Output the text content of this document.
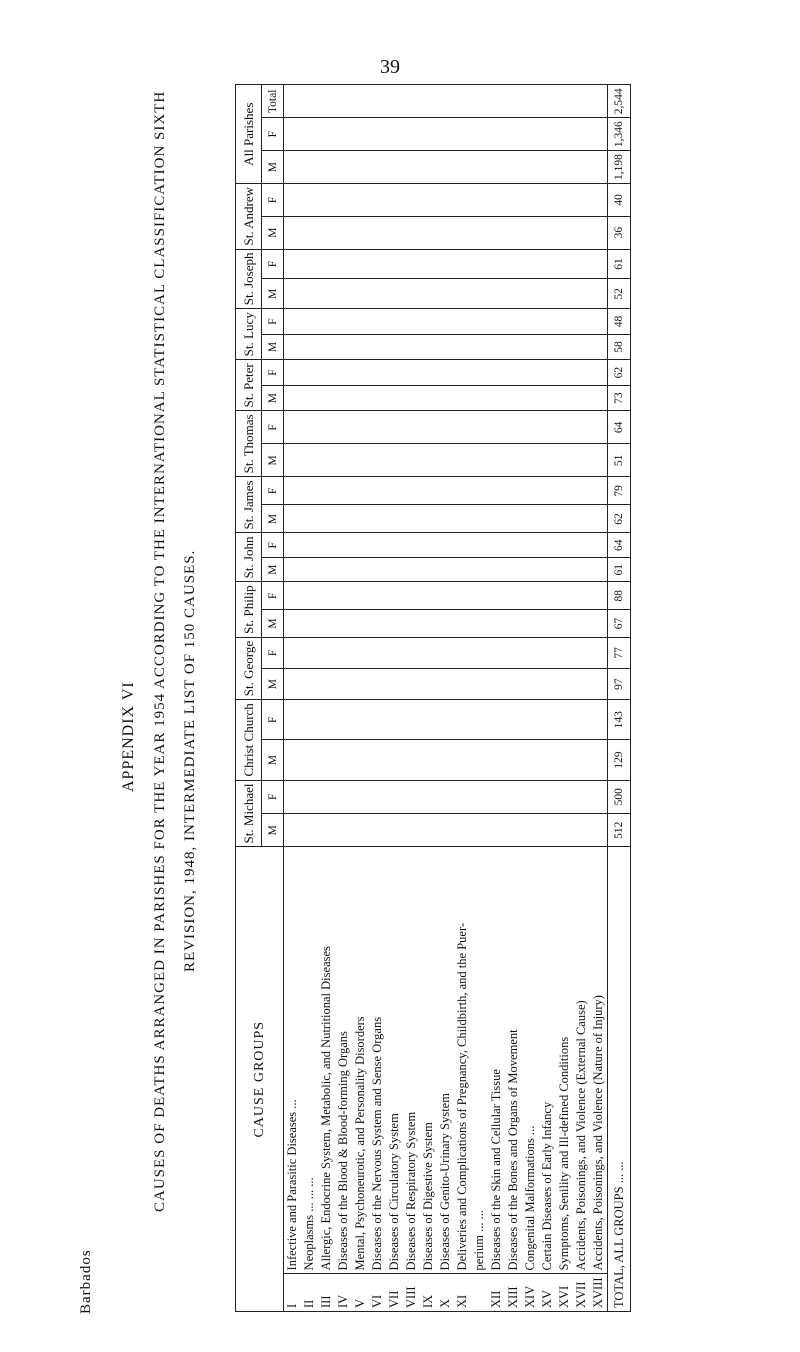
39
Barbados
APPENDIX VI CAUSES OF DEATHS ARRANGED IN PARISHES FOR THE YEAR 1954 ACCORDING TO THE INTERNATIONAL STATISTICAL CLASSIFICATION SIXTH REVISION, 1948, INTERMEDIATE LIST OF 150 CAUSES.
CAUSE GROUPS		St. Michael		Christ Church		St. George		St. Philip		St. John		St. James		St. Thomas		St. Peter		St. Lucy		St. Joseph		St. Andrew		All Parishes		
		M	F	M	F	M	F	M	F	M	F	M	F	M	F	M	F	M	F	M	F	M	F	M	F	Total
I	Infective and Parasitic Diseases ...																									
II	Neoplasms ... ... ...																									
III	Allergic, Endocrine System, Metabolic, and Nutritional Diseases																									
IV	Diseases of the Blood & Blood-forming Organs																									
V	Mental, Psychoneurotic, and Personality Disorders																									
VI	Diseases of the Nervous System and Sense Organs																									
VII	Diseases of Circulatory System																									
VIII	Diseases of Respiratory System																									
IX	Diseases of Digestive System																									
X	Diseases of Genito-Urinary System																									
XI	Deliveries and Complications of Pregnancy, Childbirth, and the Puer-																									
	perium ... ...																									
XII	Diseases of the Skin and Cellular Tissue																									
XIII	Diseases of the Bones and Organs of Movement																									
XIV	Congenital Malformations ...																									
XV	Certain Diseases of Early Infancy																									
XVI	Symptoms, Senility and Ill-defined Conditions																									
XVII	Accidents, Poisonings, and Violence (External Cause)																									
XVIII	Accidents, Poisonings, and Violence (Nature of Injury)																									
TOTAL, ALL GROUPS ... ...		512	500	129	143	97	77	67	88	61	64	62	79	51	64	73	62	58	48	52	61	36	40	1,198	1,346	2,544
